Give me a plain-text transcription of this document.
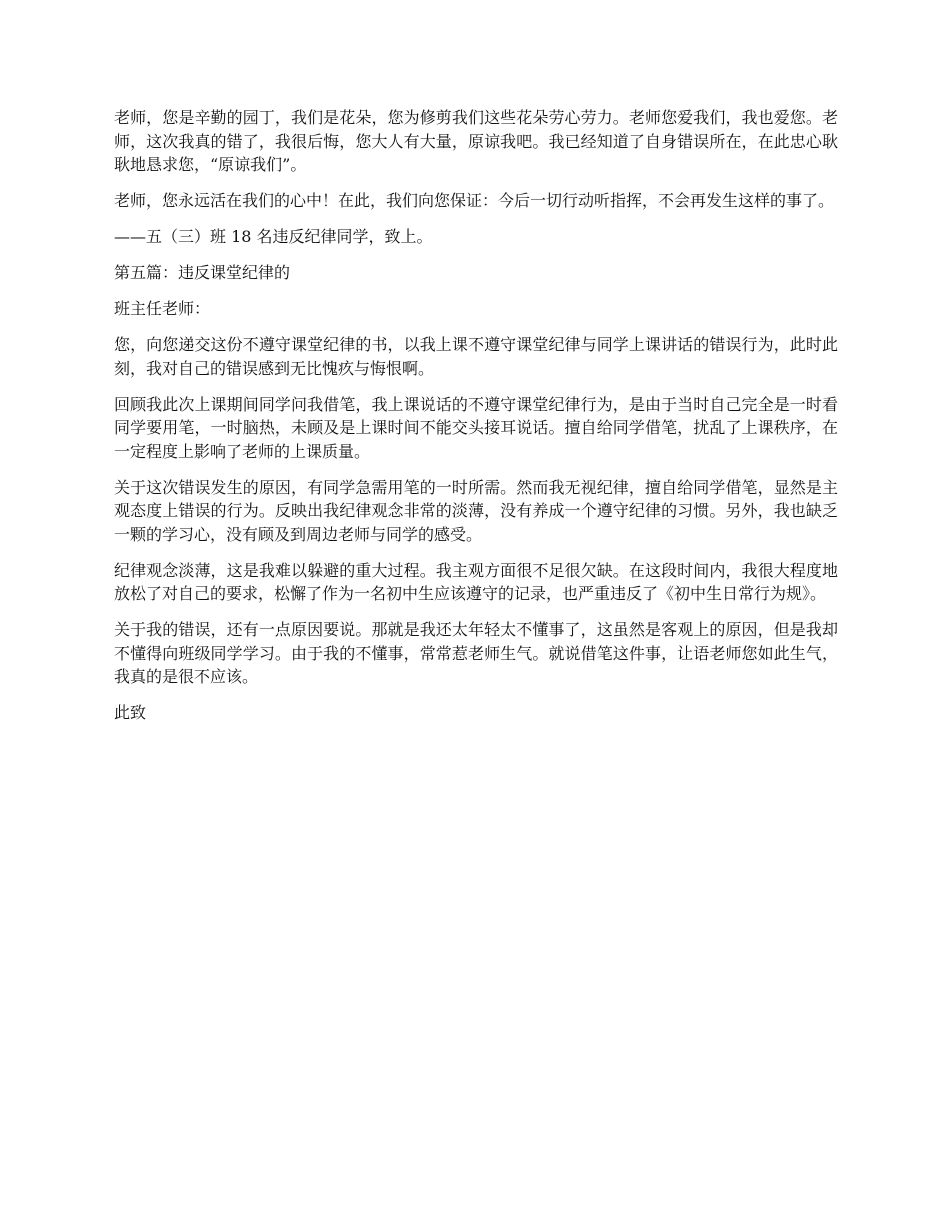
老师，您是辛勤的园丁，我们是花朵，您为修剪我们这些花朵劳心劳力。老师您爱我们，我也爱您。老师，这次我真的错了，我很后悔，您大人有大量，原谅我吧。我已经知道了自身错误所在，在此忠心耿耿地恳求您，“原谅我们”。

老师，您永远活在我们的心中！在此，我们向您保证：今后一切行动听指挥，不会再发生这样的事了。

——五（三）班 18 名违反纪律同学，致上。

第五篇：违反课堂纪律的

班主任老师：

您，向您递交这份不遵守课堂纪律的书，以我上课不遵守课堂纪律与同学上课讲话的错误行为，此时此刻，我对自己的错误感到无比愧疚与悔恨啊。

回顾我此次上课期间同学问我借笔，我上课说话的不遵守课堂纪律行为，是由于当时自己完全是一时看同学要用笔，一时脑热，未顾及是上课时间不能交头接耳说话。擅自给同学借笔，扰乱了上课秩序，在一定程度上影响了老师的上课质量。

关于这次错误发生的原因，有同学急需用笔的一时所需。然而我无视纪律，擅自给同学借笔，显然是主观态度上错误的行为。反映出我纪律观念非常的淡薄，没有养成一个遵守纪律的习惯。另外，我也缺乏一颗的学习心，没有顾及到周边老师与同学的感受。

纪律观念淡薄，这是我难以躲避的重大过程。我主观方面很不足很欠缺。在这段时间内，我很大程度地放松了对自己的要求，松懈了作为一名初中生应该遵守的记录，也严重违反了《初中生日常行为规》。

关于我的错误，还有一点原因要说。那就是我还太年轻太不懂事了，这虽然是客观上的原因，但是我却不懂得向班级同学学习。由于我的不懂事，常常惹老师生气。就说借笔这件事，让语老师您如此生气，我真的是很不应该。

此致
